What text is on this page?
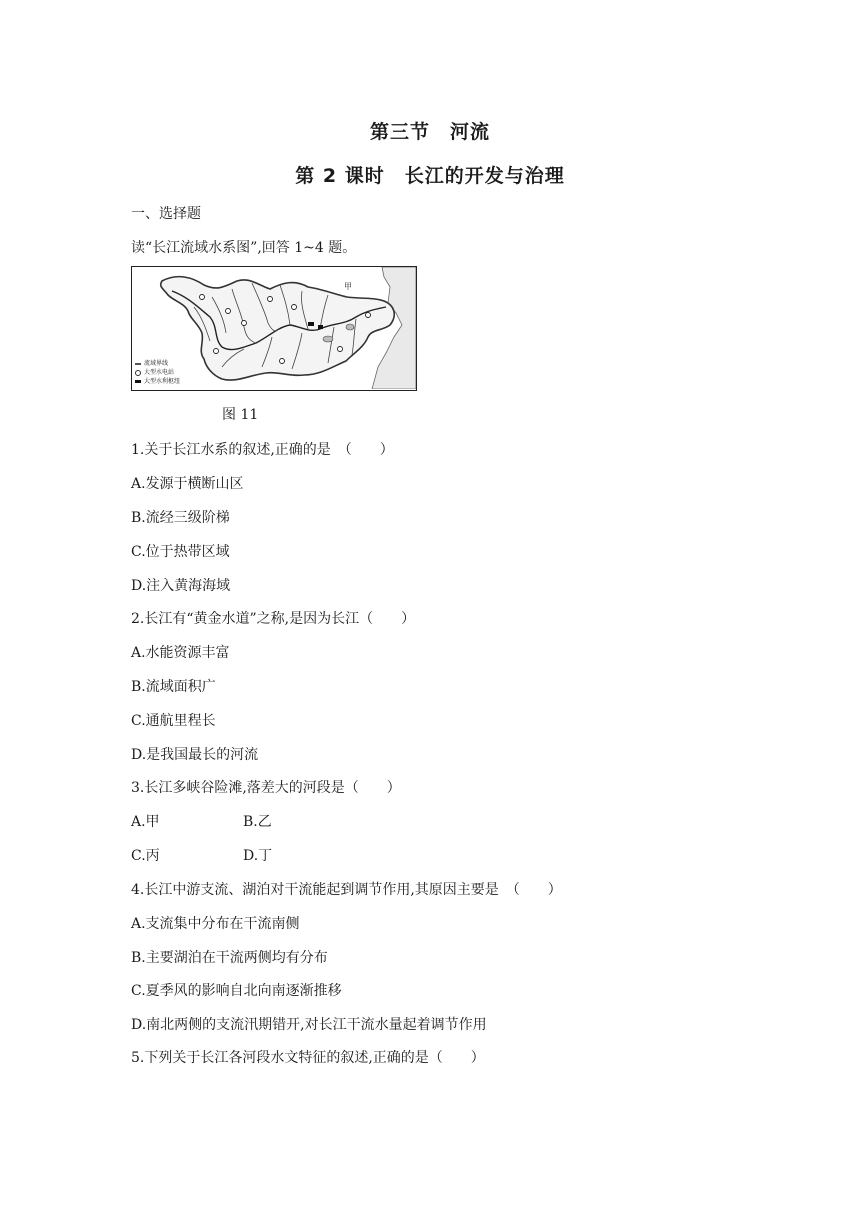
第三节　河流
第 2 课时　长江的开发与治理
一、选择题
读“长江流域水系图”,回答 1~4 题。
甲
流域界线
大型水电站
大型水利枢纽
图 11
1.关于长江水系的叙述,正确的是　（　　）
A.发源于横断山区
B.流经三级阶梯
C.位于热带区域
D.注入黄海海域
2.长江有“黄金水道”之称,是因为长江（　　）
A.水能资源丰富
B.流域面积广
C.通航里程长
D.是我国最长的河流
3.长江多峡谷险滩,落差大的河段是（　　）
A.甲	B.乙
C.丙	D.丁
4.长江中游支流、湖泊对干流能起到调节作用,其原因主要是　（　　）
A.支流集中分布在干流南侧
B.主要湖泊在干流两侧均有分布
C.夏季风的影响自北向南逐渐推移
D.南北两侧的支流汛期错开,对长江干流水量起着调节作用
5.下列关于长江各河段水文特征的叙述,正确的是（　　）
